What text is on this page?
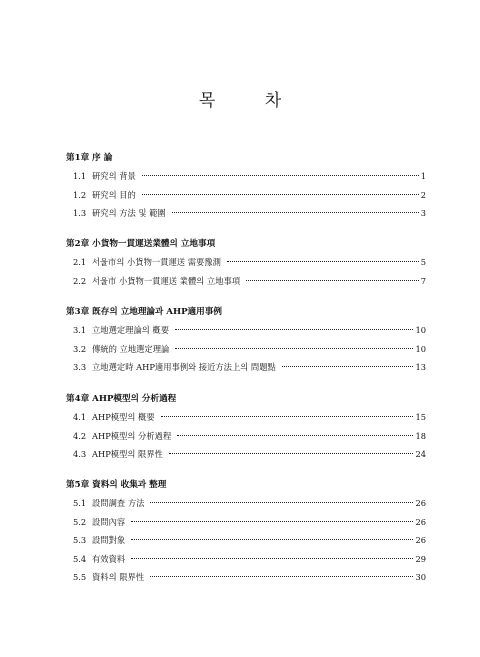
목 차
第1章 序 論
1.1 硏究의 背景	1
1.2 硏究의 目的	2
1.3 硏究의 方法 및 範圍	3
第2章 小貨物一貫運送業體의 立地事項
2.1 서울市의 小貨物一貫運送 需要豫測	5
2.2 서울市 小貨物一貫運送 業體의 立地事項	7
第3章 旣存의 立地理論과 AHP適用事例
3.1 立地選定理論의 槪要	10
3.2 傳統的 立地選定理論	10
3.3 立地選定時 AHP適用事例와 接近方法上의 問題點	13
第4章 AHP模型의 分析過程
4.1 AHP模型의 槪要	15
4.2 AHP模型의 分析過程	18
4.3 AHP模型의 限界性	24
第5章 資料의 收集과 整理
5.1 設問調査 方法	26
5.2 設問內容	26
5.3 設問對象	26
5.4 有效資料	29
5.5 資料의 限界性	30
